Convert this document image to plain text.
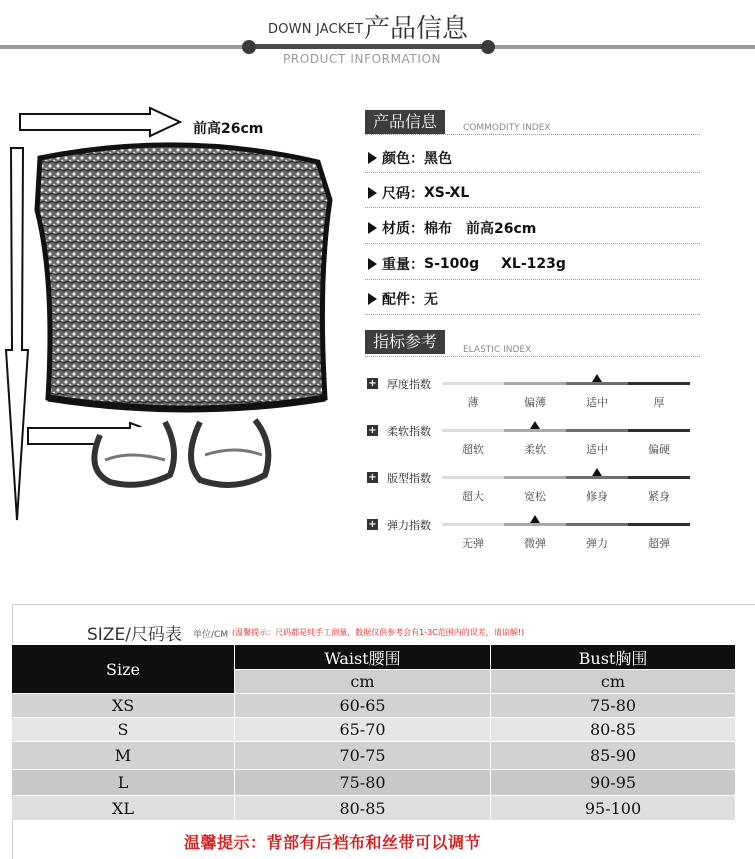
DOWN JACKET 产品信息
PRODUCT INFORMATION
前高26cm	产品信息	COMMODITY INDEX
颜色： 黑色
尺码： XS-XL
材质： 棉布 前高26cm
重量： S-100g XL-123g
配件： 无
指标参考	ELASTIC INDEX
+ 厚度指数
薄	偏薄	适中	厚
+ 柔软指数
超软	柔软	适中	偏硬
+ 版型指数
超大	宽松	修身	紧身
+ 弹力指数
无弹	微弹	弹力	超弹
SIZE/尺码表 单位/CM (温馨提示：尺码都是纯手工测量，数据仅供参考会有1-3C范围内的误差，请谅解!)
Size
Waist腰围	Bust胸围
cm	cm
XS	60-65	75-80
S	65-70	80-85
M	70-75	85-90
L	75-80	90-95
XL	80-85	95-100
温馨提示：背部有后裆布和丝带可以调节
